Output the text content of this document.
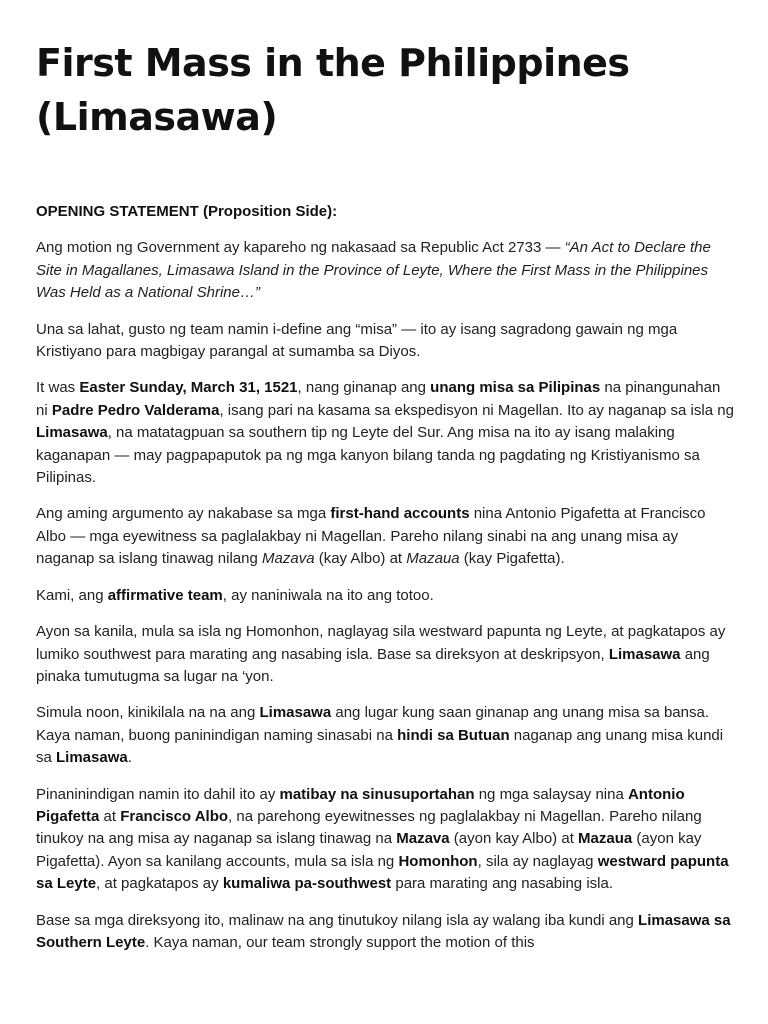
First Mass in the Philippines (Limasawa)

OPENING STATEMENT (Proposition Side):

Ang motion ng Government ay kapareho ng nakasaad sa Republic Act 2733 — “An Act to Declare the Site in Magallanes, Limasawa Island in the Province of Leyte, Where the First Mass in the Philippines Was Held as a National Shrine…”

Una sa lahat, gusto ng team namin i-define ang “misa” — ito ay isang sagradong gawain ng mga Kristiyano para magbigay parangal at sumamba sa Diyos.

It was Easter Sunday, March 31, 1521, nang ginanap ang unang misa sa Pilipinas na pinangunahan ni Padre Pedro Valderama, isang pari na kasama sa ekspedisyon ni Magellan. Ito ay naganap sa isla ng Limasawa, na matatagpuan sa southern tip ng Leyte del Sur. Ang misa na ito ay isang malaking kaganapan — may pagpapaputok pa ng mga kanyon bilang tanda ng pagdating ng Kristiyanismo sa Pilipinas.

Ang aming argumento ay nakabase sa mga first-hand accounts nina Antonio Pigafetta at Francisco Albo — mga eyewitness sa paglalakbay ni Magellan. Pareho nilang sinabi na ang unang misa ay naganap sa islang tinawag nilang Mazava (kay Albo) at Mazaua (kay Pigafetta).

Kami, ang affirmative team, ay naniniwala na ito ang totoo.

Ayon sa kanila, mula sa isla ng Homonhon, naglayag sila westward papunta ng Leyte, at pagkatapos ay lumiko southwest para marating ang nasabing isla. Base sa direksyon at deskripsyon, Limasawa ang pinaka tumutugma sa lugar na ‘yon.

Simula noon, kinikilala na na ang Limasawa ang lugar kung saan ginanap ang unang misa sa bansa. Kaya naman, buong paninindigan naming sinasabi na hindi sa Butuan naganap ang unang misa kundi sa Limasawa.

Pinaninindigan namin ito dahil ito ay matibay na sinusuportahan ng mga salaysay nina Antonio Pigafetta at Francisco Albo, na parehong eyewitnesses ng paglalakbay ni Magellan. Pareho nilang tinukoy na ang misa ay naganap sa islang tinawag na Mazava (ayon kay Albo) at Mazaua (ayon kay Pigafetta). Ayon sa kanilang accounts, mula sa isla ng Homonhon, sila ay naglayag westward papunta sa Leyte, at pagkatapos ay kumaliwa pa-southwest para marating ang nasabing isla.

Base sa mga direksyong ito, malinaw na ang tinutukoy nilang isla ay walang iba kundi ang Limasawa sa Southern Leyte. Kaya naman, our team strongly support the motion of this
